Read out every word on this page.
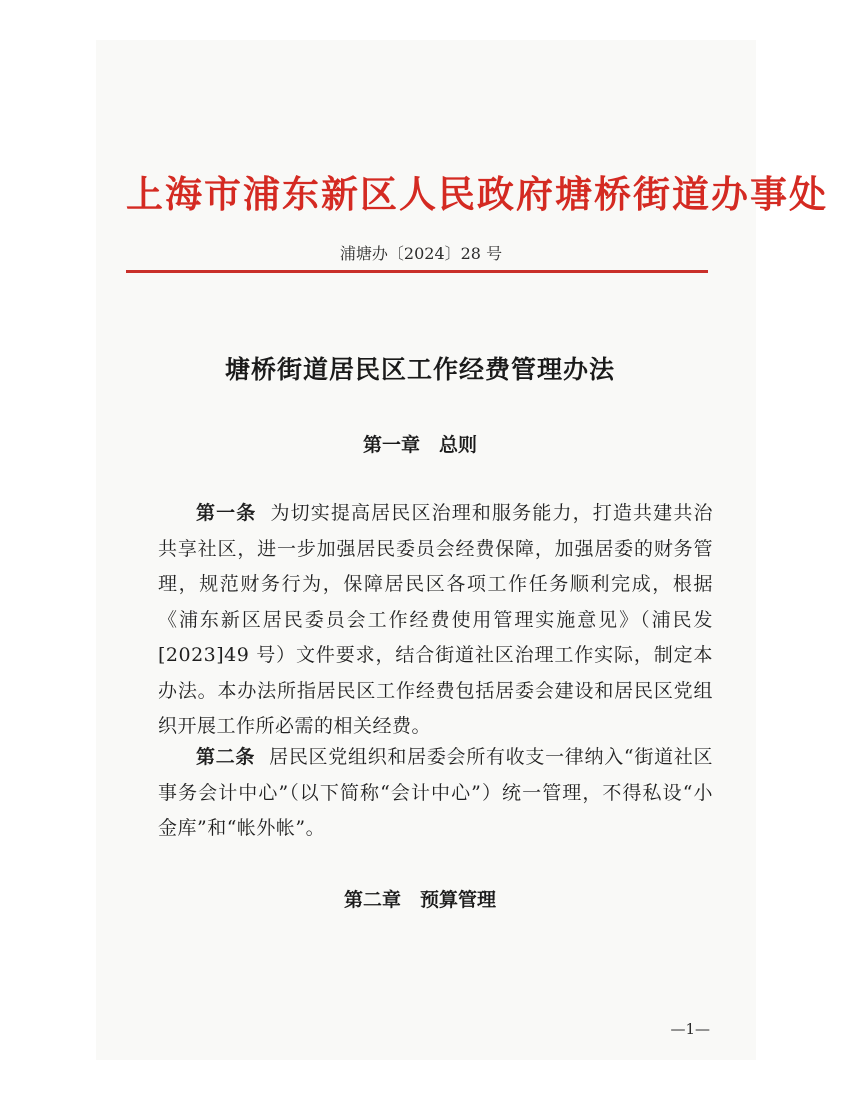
上海市浦东新区人民政府塘桥街道办事处
浦塘办〔2024〕28 号
塘桥街道居民区工作经费管理办法
第一章　总则
第一条 为切实提高居民区治理和服务能力，打造共建共治共享社区，进一步加强居民委员会经费保障，加强居委的财务管理，规范财务行为，保障居民区各项工作任务顺利完成，根据《浦东新区居民委员会工作经费使用管理实施意见》（浦民发[2023]49 号）文件要求，结合街道社区治理工作实际，制定本办法。本办法所指居民区工作经费包括居委会建设和居民区党组织开展工作所必需的相关经费。
第二条 居民区党组织和居委会所有收支一律纳入“街道社区事务会计中心”（以下简称“会计中心”）统一管理，不得私设“小金库”和“帐外帐”。
第二章　预算管理
—1—
